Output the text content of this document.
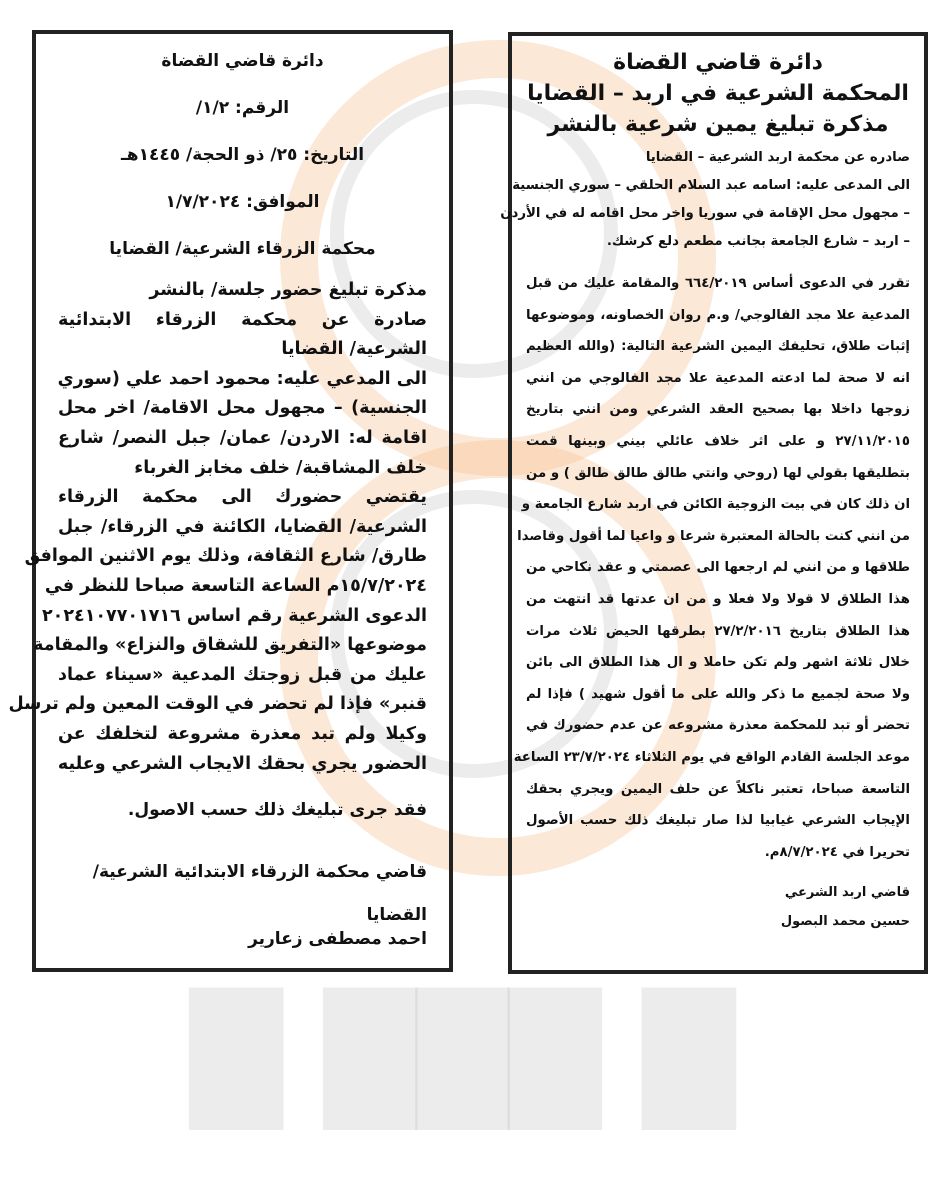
█ ███ █
دائرة قاضي القضاة
الرقم: ١/٢/
التاريخ: ٢٥/ ذو الحجة/ ١٤٤٥هـ
الموافق: ١/٧/٢٠٢٤
محكمة الزرقاء الشرعية/ القضايا
مذكرة تبليغ حضور جلسة/ بالنشر
صادرة عن محكمة الزرقاء الابتدائية
الشرعية/ القضايا
الى المدعي عليه: محمود احمد علي (سوري
الجنسية) – مجهول محل الاقامة/ اخر محل
اقامة له: الاردن/ عمان/ جبل النصر/ شارع
خلف المشاقبة/ خلف مخابز الغرباء
يقتضي حضورك الى محكمة الزرقاء
الشرعية/ القضايا، الكائنة في الزرقاء/ جبل
طارق/ شارع الثقافة، وذلك يوم الاثنين الموافق
١٥/٧/٢٠٢٤م الساعة التاسعة صباحا للنظر في
الدعوى الشرعية رقم اساس ٢٠٢٤١٠٧٧٠١٧١٦
موضوعها «التفريق للشقاق والنزاع» والمقامة
عليك من قبل زوجتك المدعية «سيناء عماد
قنبر» فإذا لم تحضر في الوقت المعين ولم ترسل
وكيلا ولم تبد معذرة مشروعة لتخلفك عن
الحضور يجري بحقك الايجاب الشرعي وعليه
فقد جرى تبليغك ذلك حسب الاصول.
قاضي محكمة الزرقاء الابتدائية الشرعية/
القضايا
احمد مصطفى زعارير
دائرة قاضي القضاة
المحكمة الشرعية في اربد – القضايا
مذكرة تبليغ يمين شرعية بالنشر
صادره عن محكمة اربد الشرعية – القضايا
الى المدعى عليه: اسامه عبد السلام الحلقي – سوري الجنسية
– مجهول محل الإقامة في سوريا واخر محل اقامه له في الأردن
– اربد – شارع الجامعة بجانب مطعم دلع كرشك.
تقرر في الدعوى أساس ٦٦٤/٢٠١٩ والمقامة عليك من قبل
المدعية علا مجد الفالوجي/ و.م روان الخصاونه، وموضوعها
إثبات طلاق، تحليفك اليمين الشرعية التالية: (والله العظيم
انه لا صحة لما ادعته المدعية علا مجد الفالوجي من انني
زوجها داخلا بها بصحيح العقد الشرعي ومن انني بتاريخ
٢٧/١١/٢٠١٥ و على اثر خلاف عائلي بيني وبينها قمت
بتطليقها بقولي لها (روحي وانتي طالق طالق طالق ) و من
ان ذلك كان في بيت الزوجية الكائن في اربد شارع الجامعة و
من انني كنت بالحالة المعتبرة شرعا و واعيا لما أقول وقاصدا
طلاقها و من انني لم ارجعها الى عصمتي و عقد نكاحي من
هذا الطلاق لا قولا ولا فعلا و من ان عدتها قد انتهت من
هذا الطلاق بتاريخ ٢٧/٢/٢٠١٦ بطرقها الحيض ثلاث مرات
خلال ثلاثة اشهر ولم تكن حاملا و ال هذا الطلاق الى بائن
ولا صحة لجميع ما ذكر والله على ما أقول شهيد ) فإذا لم
تحضر أو تبد للمحكمة معذرة مشروعه عن عدم حضورك في
موعد الجلسة القادم الواقع في يوم الثلاثاء ٢٣/٧/٢٠٢٤ الساعة
التاسعة صباحا، تعتبر ناكلاً عن حلف اليمين ويجري بحقك
الإيجاب الشرعي غيابيا لذا صار تبليغك ذلك حسب الأصول
تحريرا في ٨/٧/٢٠٢٤م.
قاضي اربد الشرعي
حسين محمد البصول
